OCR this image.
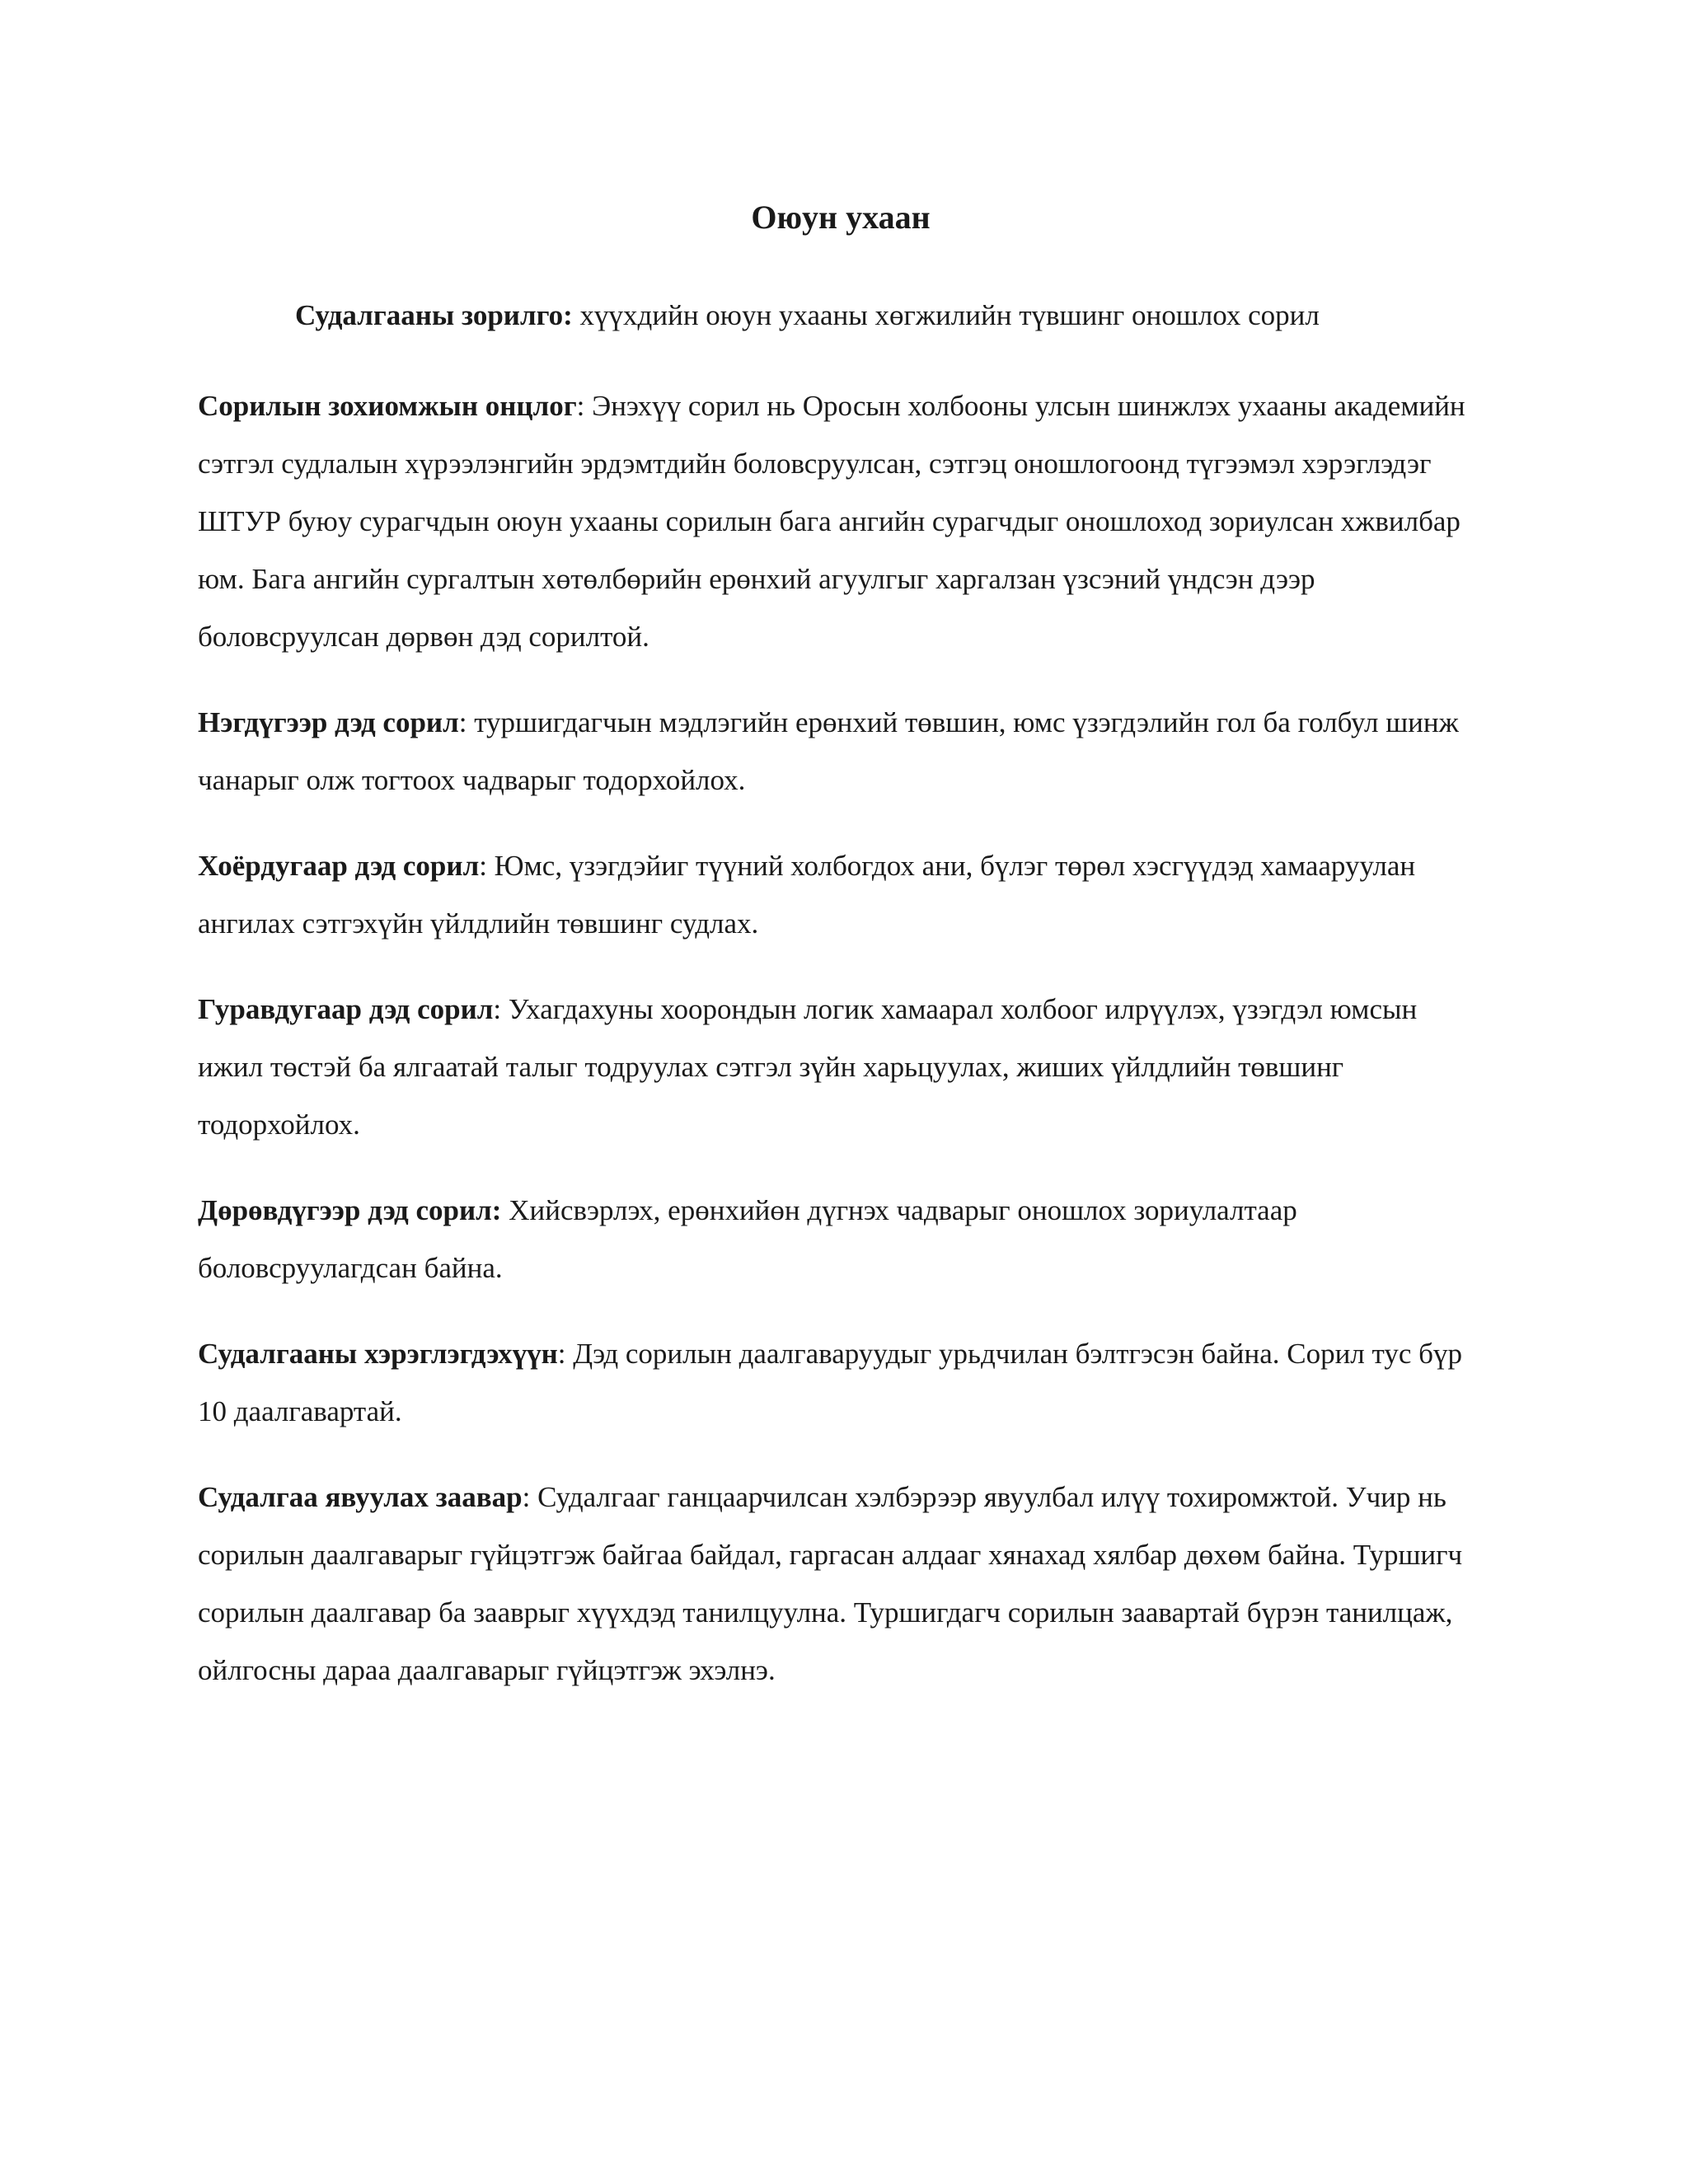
Оюун ухаан

Судалгааны зорилго: хүүхдийн оюун ухааны хөгжилийн түвшинг оношлох сорил

Сорилын зохиомжын онцлог: Энэхүү сорил нь Оросын холбооны улсын шинжлэх ухааны академийн сэтгэл судлалын хүрээлэнгийн эрдэмтдийн боловсруулсан, сэтгэц оношлогоонд түгээмэл хэрэглэдэг ШТУР буюу сурагчдын оюун ухааны сорилын бага ангийн сурагчдыг оношлоход зориулсан хжвилбар юм. Бага ангийн сургалтын хөтөлбөрийн ерөнхий агуулгыг харгалзан үзсэний үндсэн дээр боловсруулсан дөрвөн дэд сорилтой.

Нэгдүгээр дэд сорил: туршигдагчын мэдлэгийн ерөнхий төвшин, юмс үзэгдэлийн гол ба голбул шинж чанарыг олж тогтоох чадварыг тодорхойлох.

Хоёрдугаар дэд сорил: Юмс, үзэгдэйиг түүний холбогдох ани, бүлэг төрөл хэсгүүдэд хамааруулан ангилах сэтгэхүйн үйлдлийн төвшинг судлах.

Гуравдугаар дэд сорил: Ухагдахуны хоорондын логик хамаарал холбоог илрүүлэх, үзэгдэл юмсын ижил төстэй ба ялгаатай талыг тодруулах сэтгэл зүйн харьцуулах, жиших үйлдлийн төвшинг тодорхойлох.

Дөрөвдүгээр дэд сорил: Хийсвэрлэх, ерөнхийөн дүгнэх чадварыг оношлох зориулалтаар боловсруулагдсан байна.

Судалгааны хэрэглэгдэхүүн: Дэд сорилын даалгаваруудыг урьдчилан бэлтгэсэн байна. Сорил тус бүр 10 даалгавартай.

Судалгаа явуулах заавар: Судалгааг ганцаарчилсан хэлбэрээр явуулбал илүү тохиромжтой. Учир нь сорилын даалгаварыг гүйцэтгэж байгаа байдал, гаргасан алдааг хянахад хялбар дөхөм байна. Туршигч сорилын даалгавар ба зааврыг хүүхдэд танилцуулна. Туршигдагч сорилын заавартай бүрэн танилцаж, ойлгосны дараа даалгаварыг гүйцэтгэж эхэлнэ.
